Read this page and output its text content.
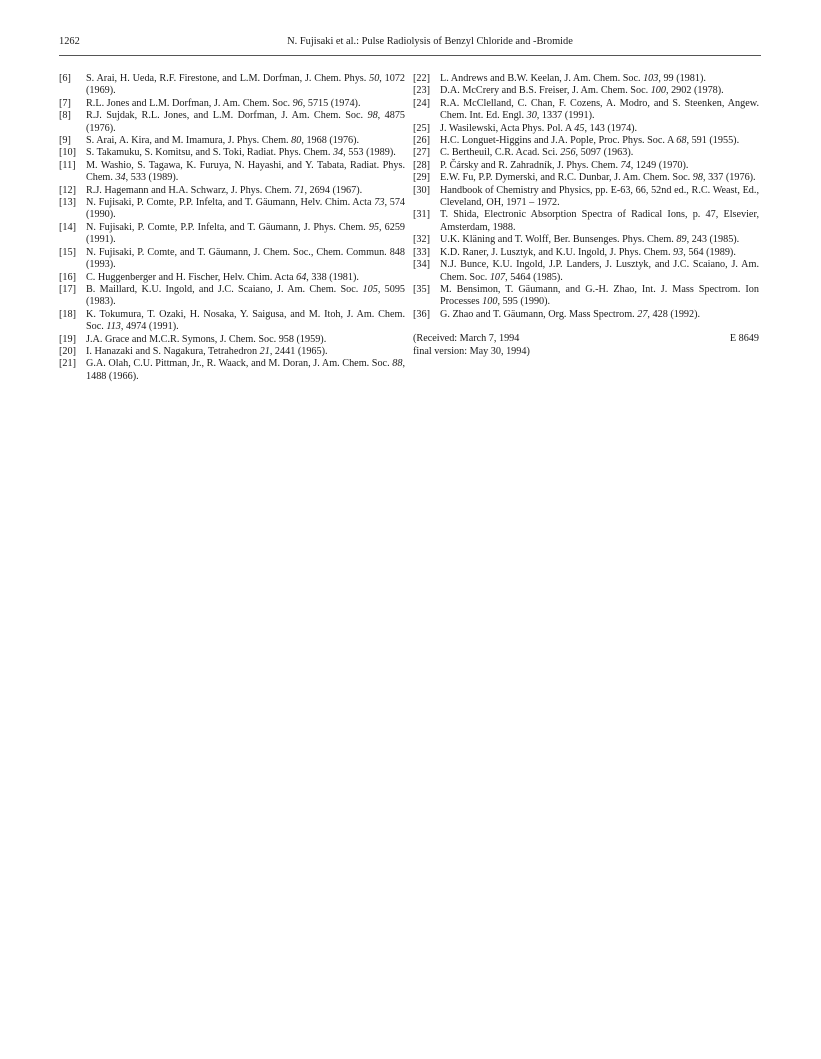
1262	N. Fujisaki et al.: Pulse Radiolysis of Benzyl Chloride and -Bromide
[6]	S. Arai, H. Ueda, R.F. Firestone, and L.M. Dorfman, J. Chem. Phys. 50, 1072 (1969).
[7]	R.L. Jones and L.M. Dorfman, J. Am. Chem. Soc. 96, 5715 (1974).
[8]	R.J. Sujdak, R.L. Jones, and L.M. Dorfman, J. Am. Chem. Soc. 98, 4875 (1976).
[9]	S. Arai, A. Kira, and M. Imamura, J. Phys. Chem. 80, 1968 (1976).
[10] S. Takamuku, S. Komitsu, and S. Toki, Radiat. Phys. Chem. 34, 553 (1989).
[11]	M. Washio, S. Tagawa, K. Furuya, N. Hayashi, and Y. Tabata, Radiat. Phys. Chem. 34, 533 (1989).
[12] R.J. Hagemann and H.A. Schwarz, J. Phys. Chem. 71, 2694 (1967).
[13] N. Fujisaki, P. Comte, P.P. Infelta, and T. Gäumann, Helv. Chim. Acta 73, 574 (1990).
[14] N. Fujisaki, P. Comte, P.P. Infelta, and T. Gäumann, J. Phys. Chem. 95, 6259 (1991).
[15] N. Fujisaki, P. Comte, and T. Gäumann, J. Chem. Soc., Chem. Commun. 848 (1993).
[16] C. Huggenberger and H. Fischer, Helv. Chim. Acta 64, 338 (1981).
[17] B. Maillard, K.U. Ingold, and J.C. Scaiano, J. Am. Chem. Soc. 105, 5095 (1983).
[18] K. Tokumura, T. Ozaki, H. Nosaka, Y. Saigusa, and M. Itoh, J. Am. Chem. Soc. 113, 4974 (1991).
[19] J.A. Grace and M.C.R. Symons, J. Chem. Soc. 958 (1959).
[20] I. Hanazaki and S. Nagakura, Tetrahedron 21, 2441 (1965).
[21] G.A. Olah, C.U. Pittman, Jr., R. Waack, and M. Doran, J. Am. Chem. Soc. 88, 1488 (1966).
[22] L. Andrews and B.W. Keelan, J. Am. Chem. Soc. 103, 99 (1981).
[23] D.A. McCrery and B.S. Freiser, J. Am. Chem. Soc. 100, 2902 (1978).
[24] R.A. McClelland, C. Chan, F. Cozens, A. Modro, and S. Steenken, Angew. Chem. Int. Ed. Engl. 30, 1337 (1991).
[25] J. Wasilewski, Acta Phys. Pol. A 45, 143 (1974).
[26] H.C. Longuet-Higgins and J.A. Pople, Proc. Phys. Soc. A 68, 591 (1955).
[27] C. Bertheuil, C.R. Acad. Sci. 256, 5097 (1963).
[28] P. Čársky and R. Zahradník, J. Phys. Chem. 74, 1249 (1970).
[29] E.W. Fu, P.P. Dymerski, and R.C. Dunbar, J. Am. Chem. Soc. 98, 337 (1976).
[30] Handbook of Chemistry and Physics, pp. E-63, 66, 52nd ed., R.C. Weast, Ed., Cleveland, OH, 1971 – 1972.
[31] T. Shida, Electronic Absorption Spectra of Radical Ions, p. 47, Elsevier, Amsterdam, 1988.
[32] U.K. Kläning and T. Wolff, Ber. Bunsenges. Phys. Chem. 89, 243 (1985).
[33] K.D. Raner, J. Lusztyk, and K.U. Ingold, J. Phys. Chem. 93, 564 (1989).
[34] N.J. Bunce, K.U. Ingold, J.P. Landers, J. Lusztyk, and J.C. Scaiano, J. Am. Chem. Soc. 107, 5464 (1985).
[35] M. Bensimon, T. Gäumann, and G.-H. Zhao, Int. J. Mass Spectrom. Ion Processes 100, 595 (1990).
[36] G. Zhao and T. Gäumann, Org. Mass Spectrom. 27, 428 (1992).
(Received: March 7, 1994
final version: May 30, 1994)
E 8649
